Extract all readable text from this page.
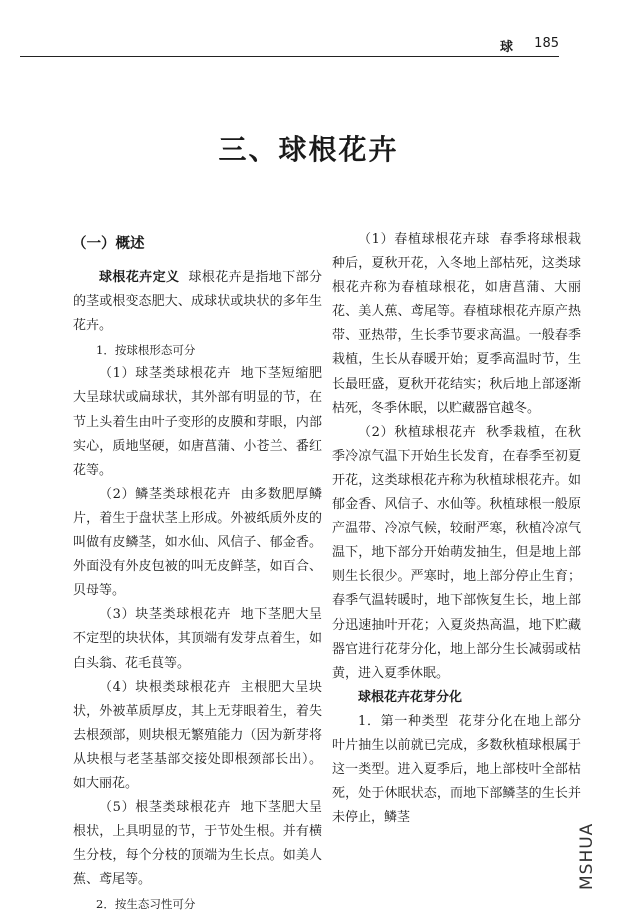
球 185
三、球根花卉

（一）概述

球根花卉定义 球根花卉是指地下部分的茎或根变态肥大、成球状或块状的多年生花卉。

1．按球根形态可分

（1）球茎类球根花卉 地下茎短缩肥大呈球状或扁球状，其外部有明显的节，在节上头着生由叶子变形的皮膜和芽眼，内部实心，质地坚硬，如唐菖蒲、小苍兰、番红花等。

（2）鳞茎类球根花卉 由多数肥厚鳞片，着生于盘状茎上形成。外被纸质外皮的叫做有皮鳞茎，如水仙、风信子、郁金香。外面没有外皮包被的叫无皮鲜茎，如百合、贝母等。

（3）块茎类球根花卉 地下茎肥大呈不定型的块状体，其顶端有发芽点着生，如白头翁、花毛茛等。

（4）块根类球根花卉 主根肥大呈块状，外被革质厚皮，其上无芽眼着生，着失去根颈部，则块根无繁殖能力（因为新芽将从块根与老茎基部交接处即根颈部长出）。如大丽花。

（5）根茎类球根花卉 地下茎肥大呈根状，上具明显的节，于节处生根。并有横生分枝，每个分枝的顶端为生长点。如美人蕉、鸢尾等。

2．按生态习性可分

（1）春植球根花卉球 春季将球根栽种后，夏秋开花，入冬地上部枯死，这类球根花卉称为春植球根花，如唐菖蒲、大丽花、美人蕉、鸢尾等。春植球根花卉原产热带、亚热带，生长季节要求高温。一般春季栽植，生长从春暖开始；夏季高温时节，生长最旺盛，夏秋开花结实；秋后地上部逐渐枯死，冬季休眠，以贮藏器官越冬。

（2）秋植球根花卉 秋季栽植，在秋季冷凉气温下开始生长发育，在春季至初夏开花，这类球根花卉称为秋植球根花卉。如郁金香、风信子、水仙等。秋植球根一般原产温带、冷凉气候，较耐严寒，秋植冷凉气温下，地下部分开始萌发抽生，但是地上部则生长很少。严寒时，地上部分停止生育；春季气温转暖时，地下部恢复生长，地上部分迅速抽叶开花；入夏炎热高温，地下贮藏器官进行花芽分化，地上部分生长减弱或枯黄，进入夏季休眠。

球根花卉花芽分化

1．第一种类型 花芽分化在地上部分叶片抽生以前就已完成，多数秋植球根属于这一类型。进入夏季后，地上部枝叶全部枯死，处于休眠状态，而地下部鳞茎的生长并未停止，鳞茎

MSHUA
